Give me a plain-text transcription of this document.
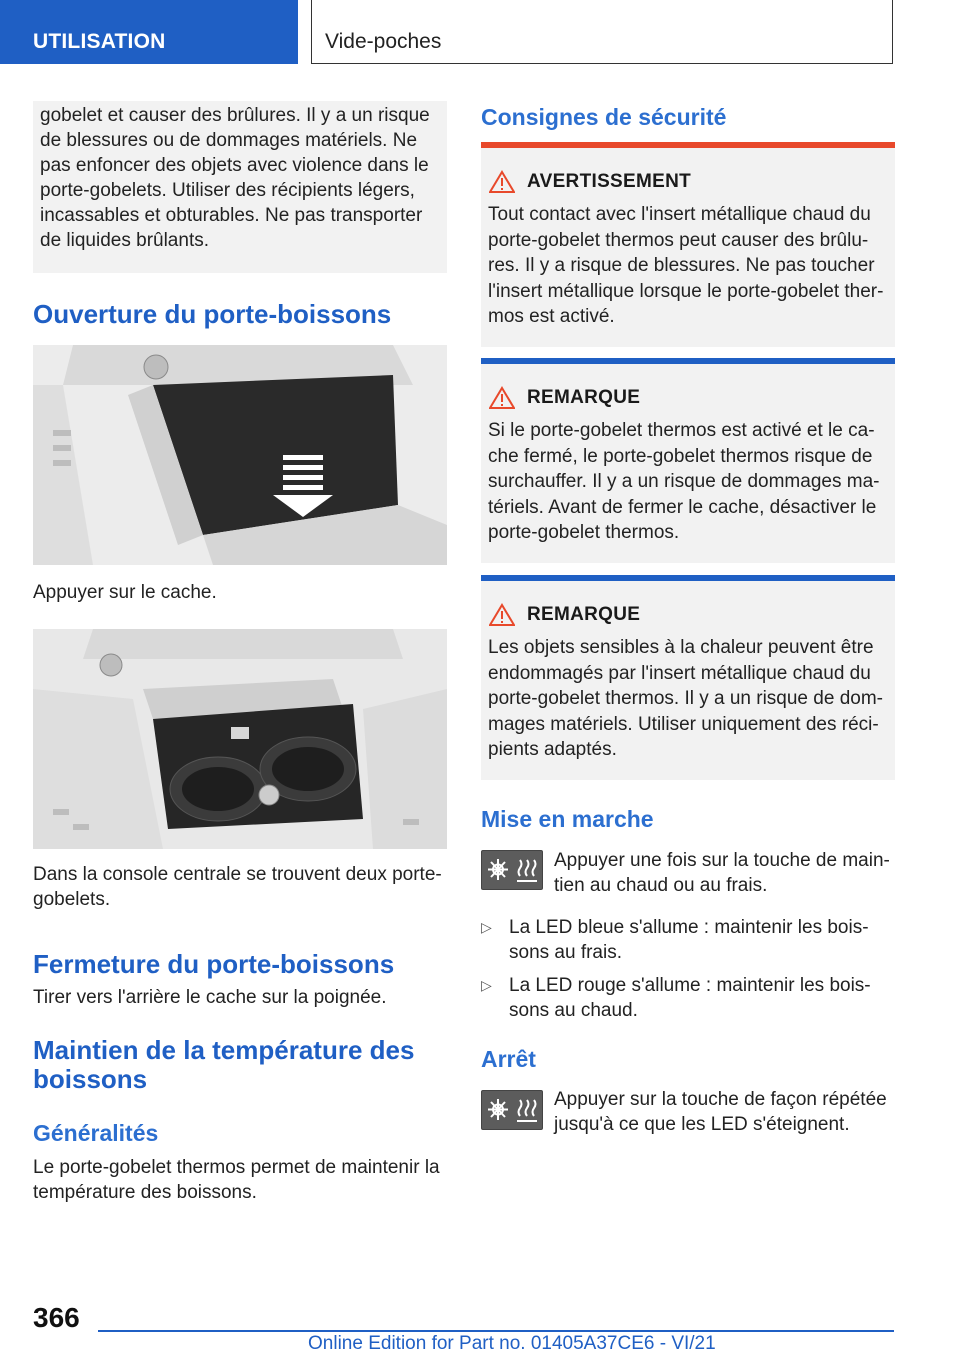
UTILISATION	Vide-poches
gobelet et causer des brûlures. Il y a un risque de blessures ou de dommages matériels. Ne pas enfoncer des objets avec violence dans le porte-gobelets. Utiliser des récipients légers, incassables et obturables. Ne pas transporter de liquides brûlants.
Ouverture du porte-boissons
Appuyer sur le cache.
Dans la console centrale se trouvent deux porte-gobelets.
Fermeture du porte-boissons
Tirer vers l'arrière le cache sur la poignée.
Maintien de la température des boissons
Généralités
Le porte-gobelet thermos permet de maintenir la température des boissons.
Consignes de sécurité
AVERTISSEMENT
Tout contact avec l'insert métallique chaud du porte-gobelet thermos peut causer des brûlu-res. Il y a risque de blessures. Ne pas toucher l'insert métallique lorsque le porte-gobelet ther-mos est activé.
REMARQUE
Si le porte-gobelet thermos est activé et le ca-che fermé, le porte-gobelet thermos risque de surchauffer. Il y a un risque de dommages ma-tériels. Avant de fermer le cache, désactiver le porte-gobelet thermos.
REMARQUE
Les objets sensibles à la chaleur peuvent être endommagés par l'insert métallique chaud du porte-gobelet thermos. Il y a un risque de dom-mages matériels. Utiliser uniquement des réci-pients adaptés.
Mise en marche
Appuyer une fois sur la touche de main-tien au chaud ou au frais.
▷ La LED bleue s'allume : maintenir les bois-sons au frais.
▷ La LED rouge s'allume : maintenir les bois-sons au chaud.
Arrêt
Appuyer sur la touche de façon répétée jusqu'à ce que les LED s'éteignent.
366
Online Edition for Part no. 01405A37CE6 - VI/21
